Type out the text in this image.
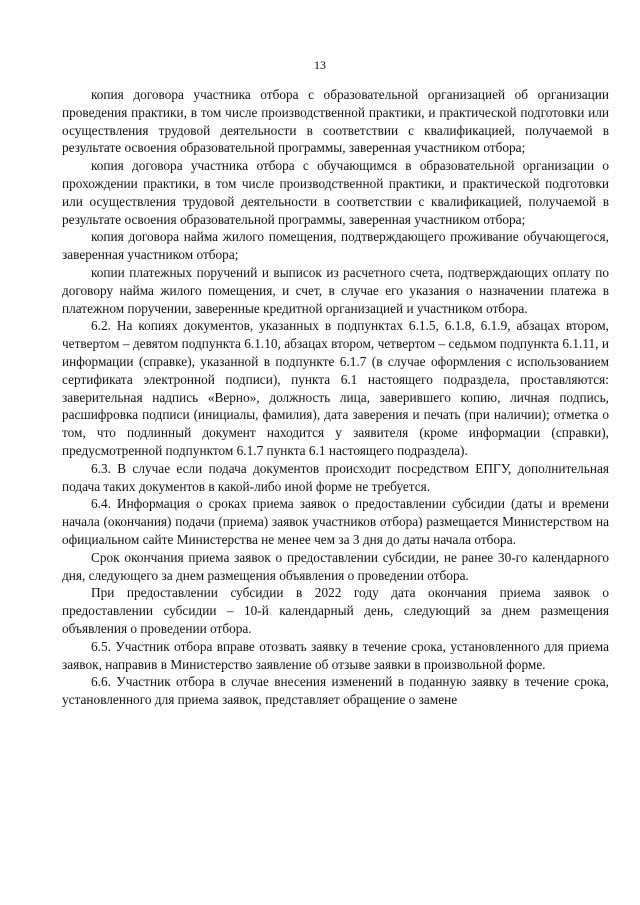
13

копия договора участника отбора с образовательной организацией об организации проведения практики, в том числе производственной практики, и практической подготовки или осуществления трудовой деятельности в соответствии с квалификацией, получаемой в результате освоения образовательной программы, заверенная участником отбора;

копия договора участника отбора с обучающимся в образовательной организации о прохождении практики, в том числе производственной практики, и практической подготовки или осуществления трудовой деятельности в соответствии с квалификацией, получаемой в результате освоения образовательной программы, заверенная участником отбора;

копия договора найма жилого помещения, подтверждающего проживание обучающегося, заверенная участником отбора;

копии платежных поручений и выписок из расчетного счета, подтверждающих оплату по договору найма жилого помещения, и счет, в случае его указания о назначении платежа в платежном поручении, заверенные кредитной организацией и участником отбора.

6.2. На копиях документов, указанных в подпунктах 6.1.5, 6.1.8, 6.1.9, абзацах втором, четвертом – девятом подпункта 6.1.10, абзацах втором, четвертом – седьмом подпункта 6.1.11, и информации (справке), указанной в подпункте 6.1.7 (в случае оформления с использованием сертификата электронной подписи), пункта 6.1 настоящего подраздела, проставляются: заверительная надпись «Верно», должность лица, заверившего копию, личная подпись, расшифровка подписи (инициалы, фамилия), дата заверения и печать (при наличии); отметка о том, что подлинный документ находится у заявителя (кроме информации (справки), предусмотренной подпунктом 6.1.7 пункта 6.1 настоящего подраздела).

6.3. В случае если подача документов происходит посредством ЕПГУ, дополнительная подача таких документов в какой-либо иной форме не требуется.

6.4. Информация о сроках приема заявок о предоставлении субсидии (даты и времени начала (окончания) подачи (приема) заявок участников отбора) размещается Министерством на официальном сайте Министерства не менее чем за 3 дня до даты начала отбора.

Срок окончания приема заявок о предоставлении субсидии, не ранее 30-го календарного дня, следующего за днем размещения объявления о проведении отбора.

При предоставлении субсидии в 2022 году дата окончания приема заявок о предоставлении субсидии – 10-й календарный день, следующий за днем размещения объявления о проведении отбора.

6.5. Участник отбора вправе отозвать заявку в течение срока, установленного для приема заявок, направив в Министерство заявление об отзыве заявки в произвольной форме.

6.6. Участник отбора в случае внесения изменений в поданную заявку в течение срока, установленного для приема заявок, представляет обращение о замене
